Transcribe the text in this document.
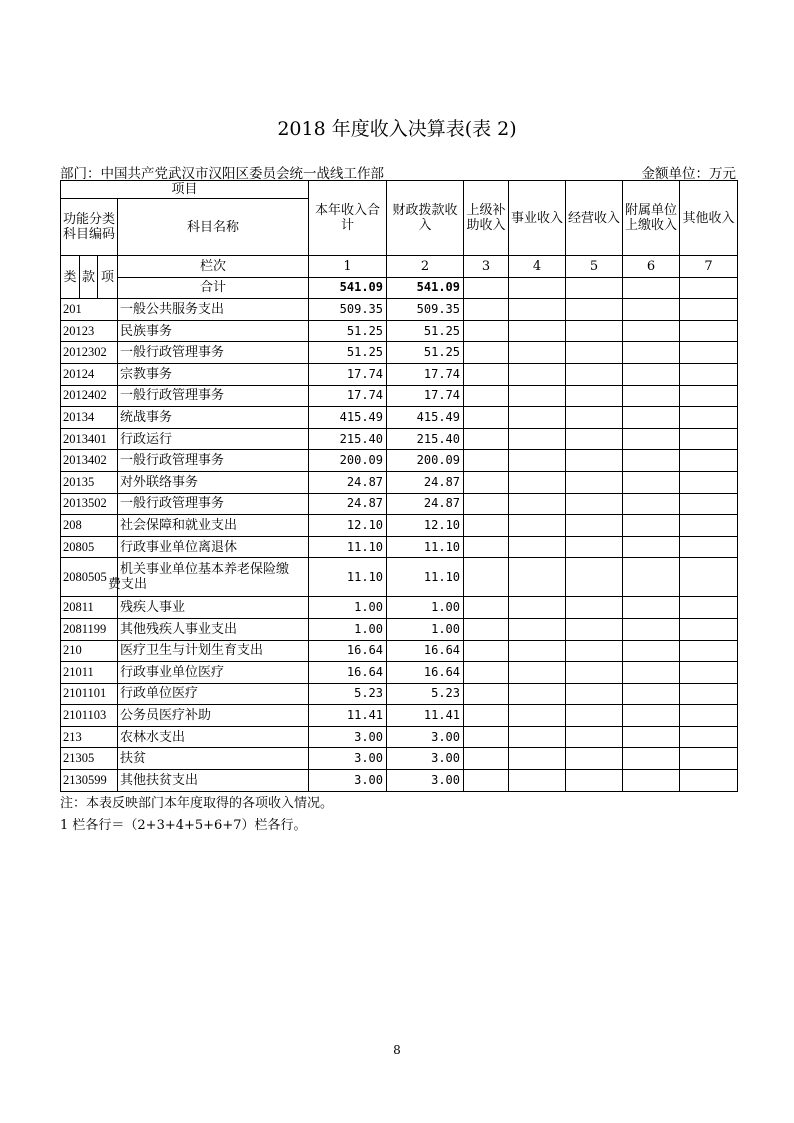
2018 年度收入决算表(表 2)
部门：中国共产党武汉市汉阳区委员会统一战线工作部	金额单位：万元
项目				本年收入合
计	财政拨款收
入	上级补
助收入	事业收入	经营收入	附属单位
上缴收入	其他收入
功能分类
科目编码			科目名称							
类	款	项								
			栏次	1	2	3	4	5	6	7
			合计	541.09	541.09					
201			一般公共服务支出	509.35	509.35					
20123			民族事务	51.25	51.25					
2012302			一般行政管理事务	51.25	51.25					
20124			宗教事务	17.74	17.74					
2012402			一般行政管理事务	17.74	17.74					
20134			统战事务	415.49	415.49					
2013401			行政运行	215.40	215.40					
2013402			一般行政管理事务	200.09	200.09					
20135			对外联络事务	24.87	24.87					
2013502			一般行政管理事务	24.87	24.87					
208			社会保障和就业支出	12.10	12.10					
20805			行政事业单位离退休	11.10	11.10					
2080505			机关事业单位基本养老保险缴
费支出	11.10	11.10					
20811			残疾人事业	1.00	1.00					
2081199			其他残疾人事业支出	1.00	1.00					
210			医疗卫生与计划生育支出	16.64	16.64					
21011			行政事业单位医疗	16.64	16.64					
2101101			行政单位医疗	5.23	5.23					
2101103			公务员医疗补助	11.41	11.41					
213			农林水支出	3.00	3.00					
21305			扶贫	3.00	3.00					
2130599			其他扶贫支出	3.00	3.00					
注：本表反映部门本年度取得的各项收入情况。
1 栏各行＝（2+3+4+5+6+7）栏各行。
8
